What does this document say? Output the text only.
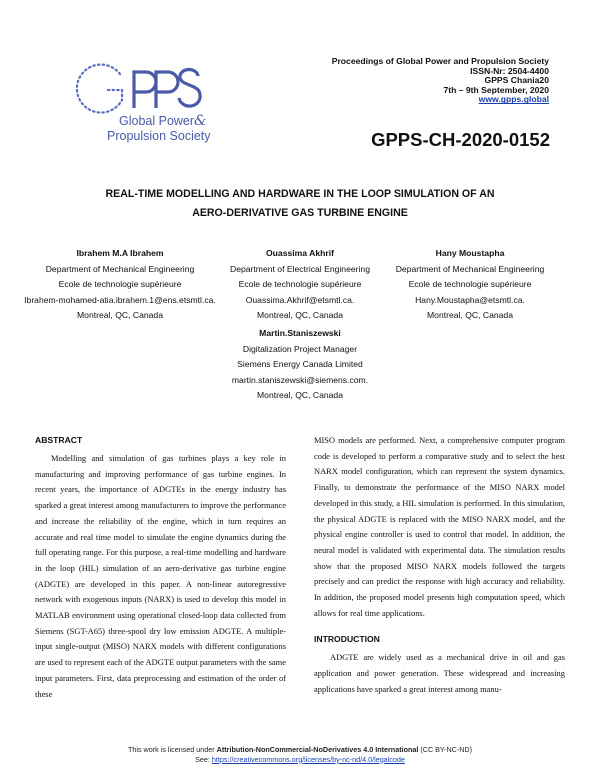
Global Power&
Propulsion Society
Proceedings of Global Power and Propulsion Society
ISSN-Nr: 2504-4400
GPPS Chania20
7th – 9th September, 2020
www.gpps.global
GPPS-CH-2020-0152
REAL-TIME MODELLING AND HARDWARE IN THE LOOP SIMULATION OF AN
AERO-DERIVATIVE GAS TURBINE ENGINE
Ibrahem M.A Ibrahem
Department of Mechanical Engineering
Ecole de technologie supérieure
Ibrahem-mohamed-atia.ibrahem.1@ens.etsmtl.ca.
Montreal, QC, Canada
Ouassima Akhrif
Department of Electrical Engineering
Ecole de technologie supérieure
Ouassima.Akhrif@etsmtl.ca.
Montreal, QC, Canada
Hany Moustapha
Department of Mechanical Engineering
Ecole de technologie supérieure
Hany.Moustapha@etsmtl.ca.
Montreal, QC, Canada
Martin.Staniszewski
Digitalization Project Manager
Siemens Energy Canada Limited
martin.staniszewski@siemens.com.
Montreal, QC, Canada
ABSTRACT

Modelling and simulation of gas turbines plays a key role in manufacturing and improving performance of gas turbine engines. In recent years, the importance of ADGTEs in the energy industry has sparked a great interest among manufacturers to improve the performance and increase the reliability of the engine, which in turn requires an accurate and real time model to simulate the engine dynamics during the full operating range. For this purpose, a real-time modelling and hardware in the loop (HIL) simulation of an aero-derivative gas turbine engine (ADGTE) are developed in this paper. A non-linear autoregressive network with exogenous inputs (NARX) is used to develop this model in MATLAB environment using operational closed-loop data collected from Siemens (SGT-A65) three-spool dry low emission ADGTE. A multiple-input single-output (MISO) NARX models with different configurations are used to represent each of the ADGTE output parameters with the same input parameters. First, data preprocessing and estimation of the order of these

MISO models are performed. Next, a comprehensive computer program code is developed to perform a comparative study and to select the best NARX model configuration, which can represent the system dynamics. Finally, to demonstrate the performance of the MISO NARX model developed in this study, a HIL simulation is performed. In this simulation, the physical ADGTE is replaced with the MISO NARX model, and the physical engine controller is used to control that model. In addition, the neural model is validated with experimental data. The simulation results show that the proposed MISO NARX models followed the targets precisely and can predict the response with high accuracy and reliability. In addition, the proposed model presents high computation speed, which allows for real time applications.

INTRODUCTION

ADGTE are widely used as a mechanical drive in oil and gas application and power generation. These widespread and increasing applications have sparked a great interest among manu-

This work is licensed under Attribution-NonCommercial-NoDerivatives 4.0 International (CC BY-NC-ND)
See: https://creativecommons.org/licenses/by-nc-nd/4.0/legalcode
